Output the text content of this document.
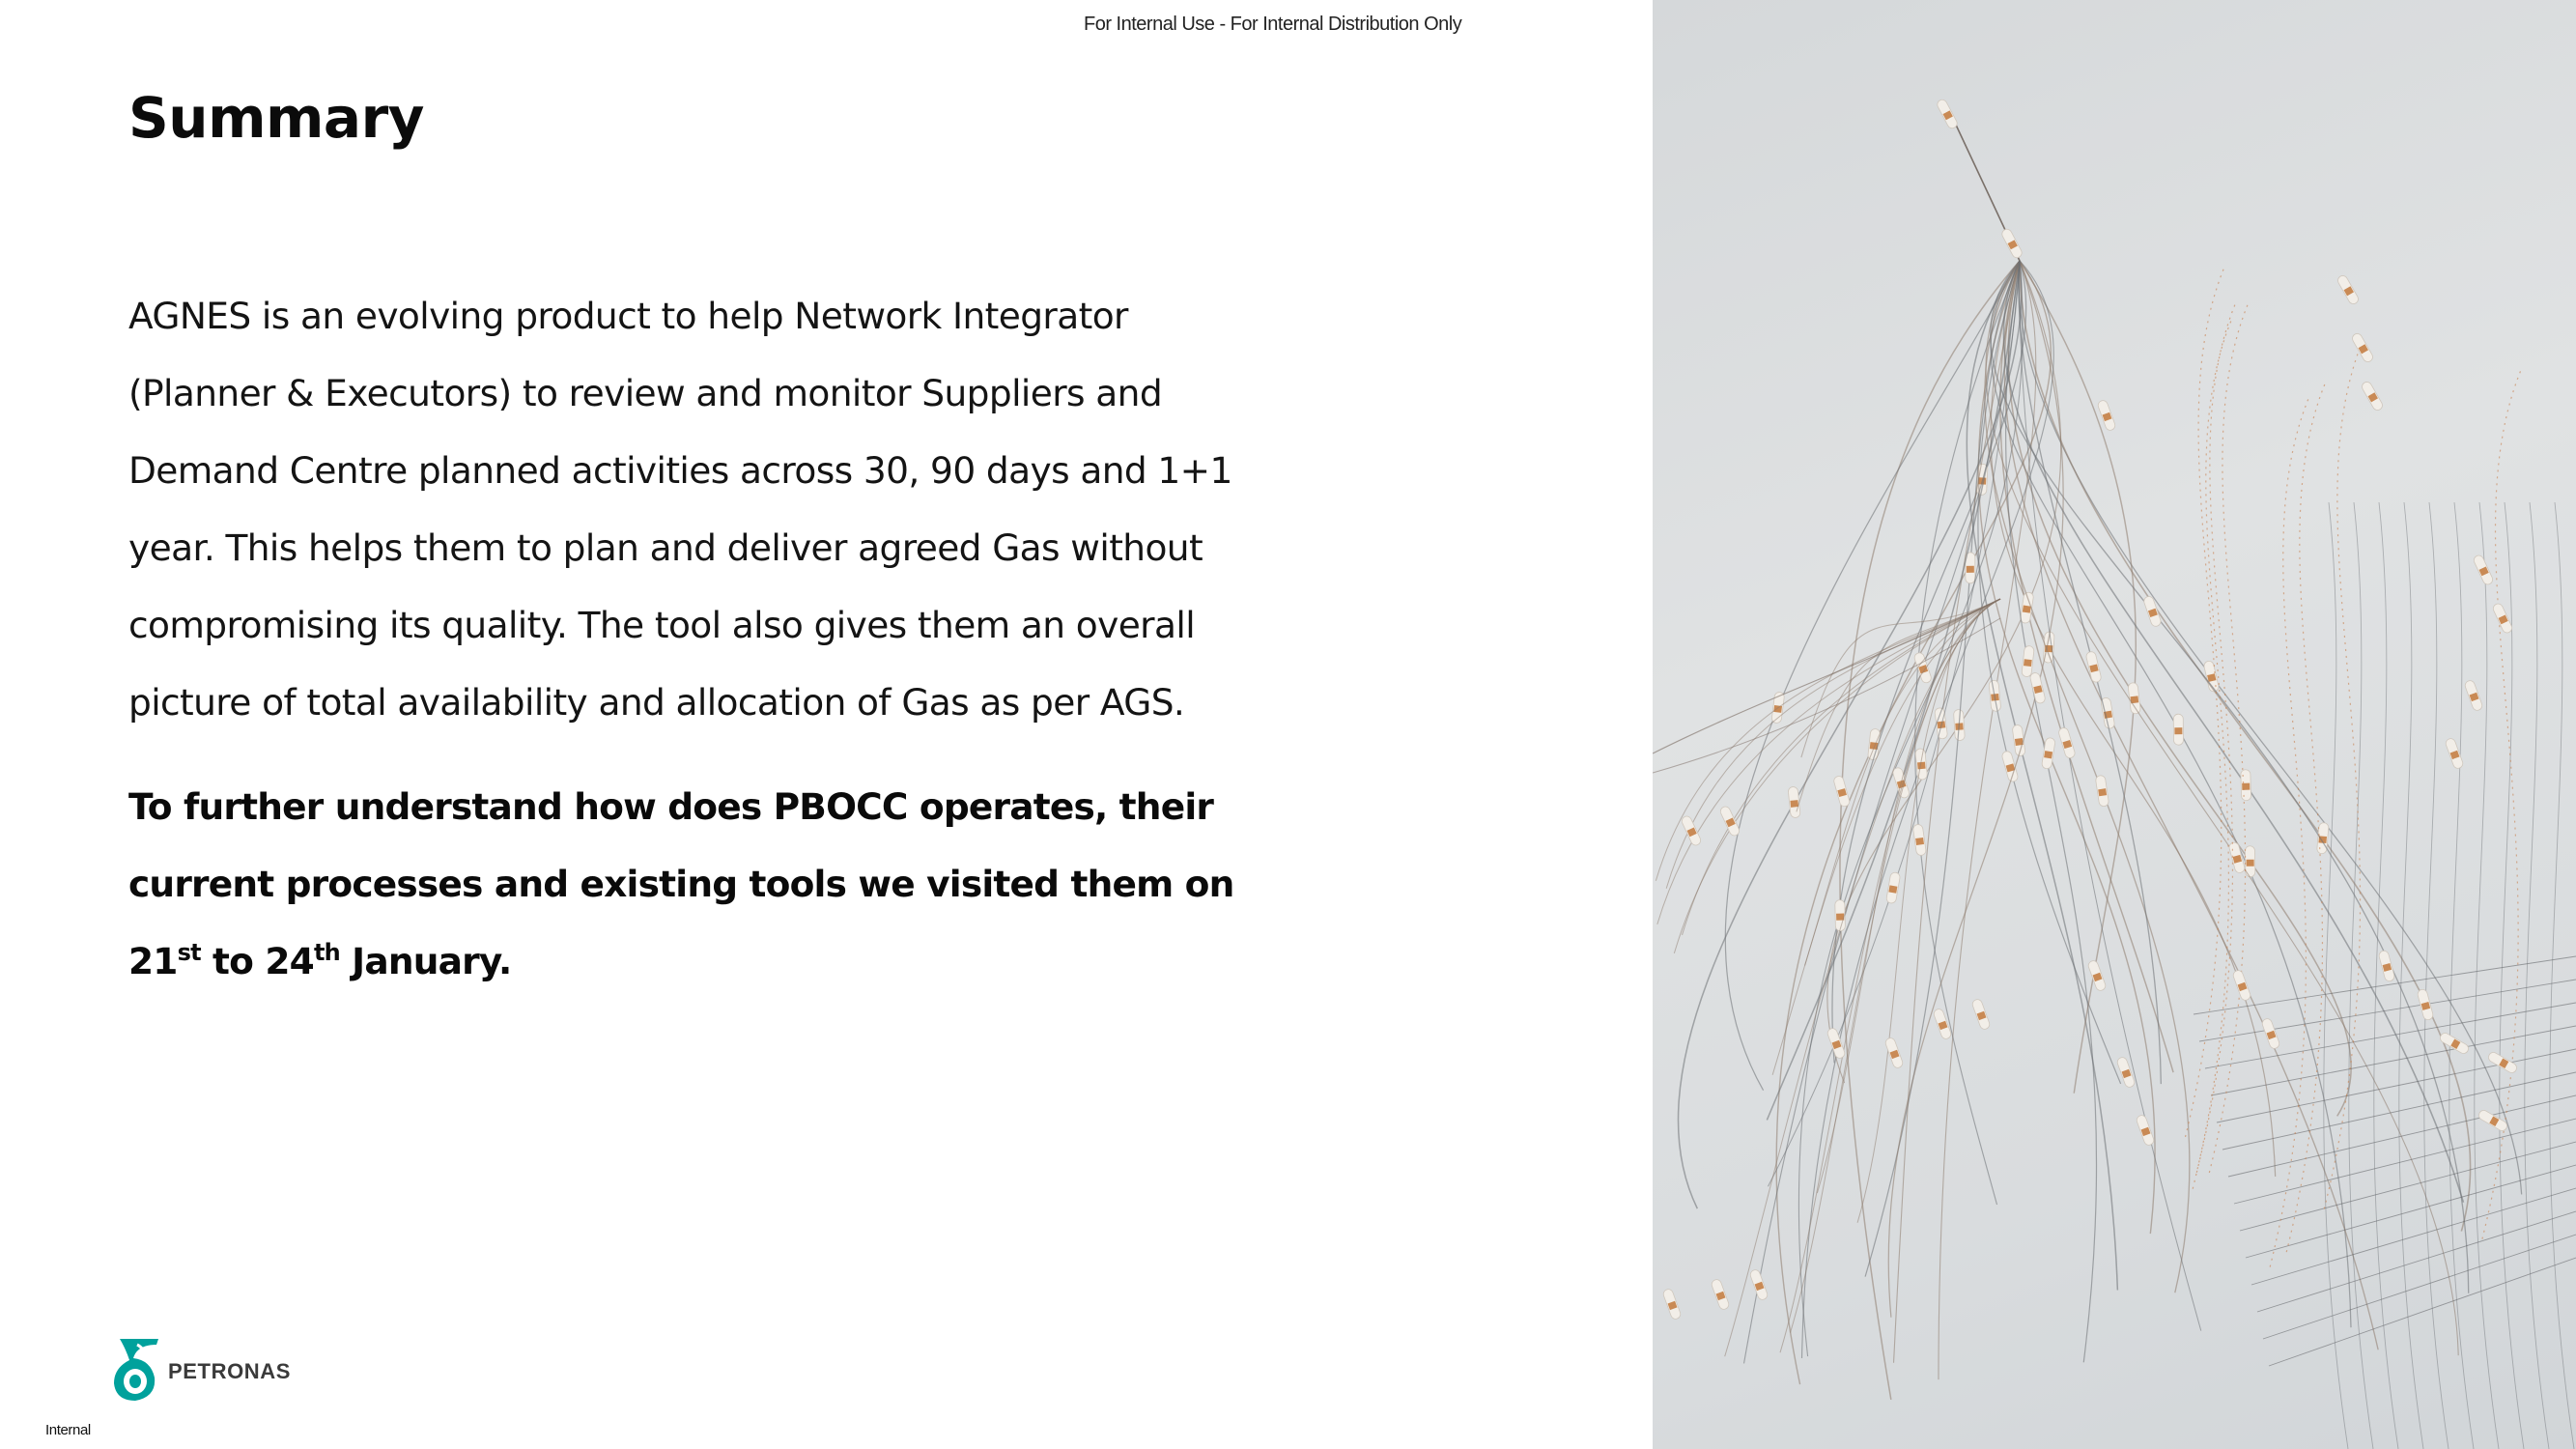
For Internal Use - For Internal Distribution Only
Summary

AGNES is an evolving product to help Network Integrator (Planner & Executors) to review and monitor Suppliers and Demand Centre planned activities across 30, 90 days and 1+1 year. This helps them to plan and deliver agreed Gas without compromising its quality. The tool also gives them an overall picture of total availability and allocation of Gas as per AGS.

To further understand how does PBOCC operates, their current processes and existing tools we visited them on 21st to 24th January.

PETRONAS
Internal
